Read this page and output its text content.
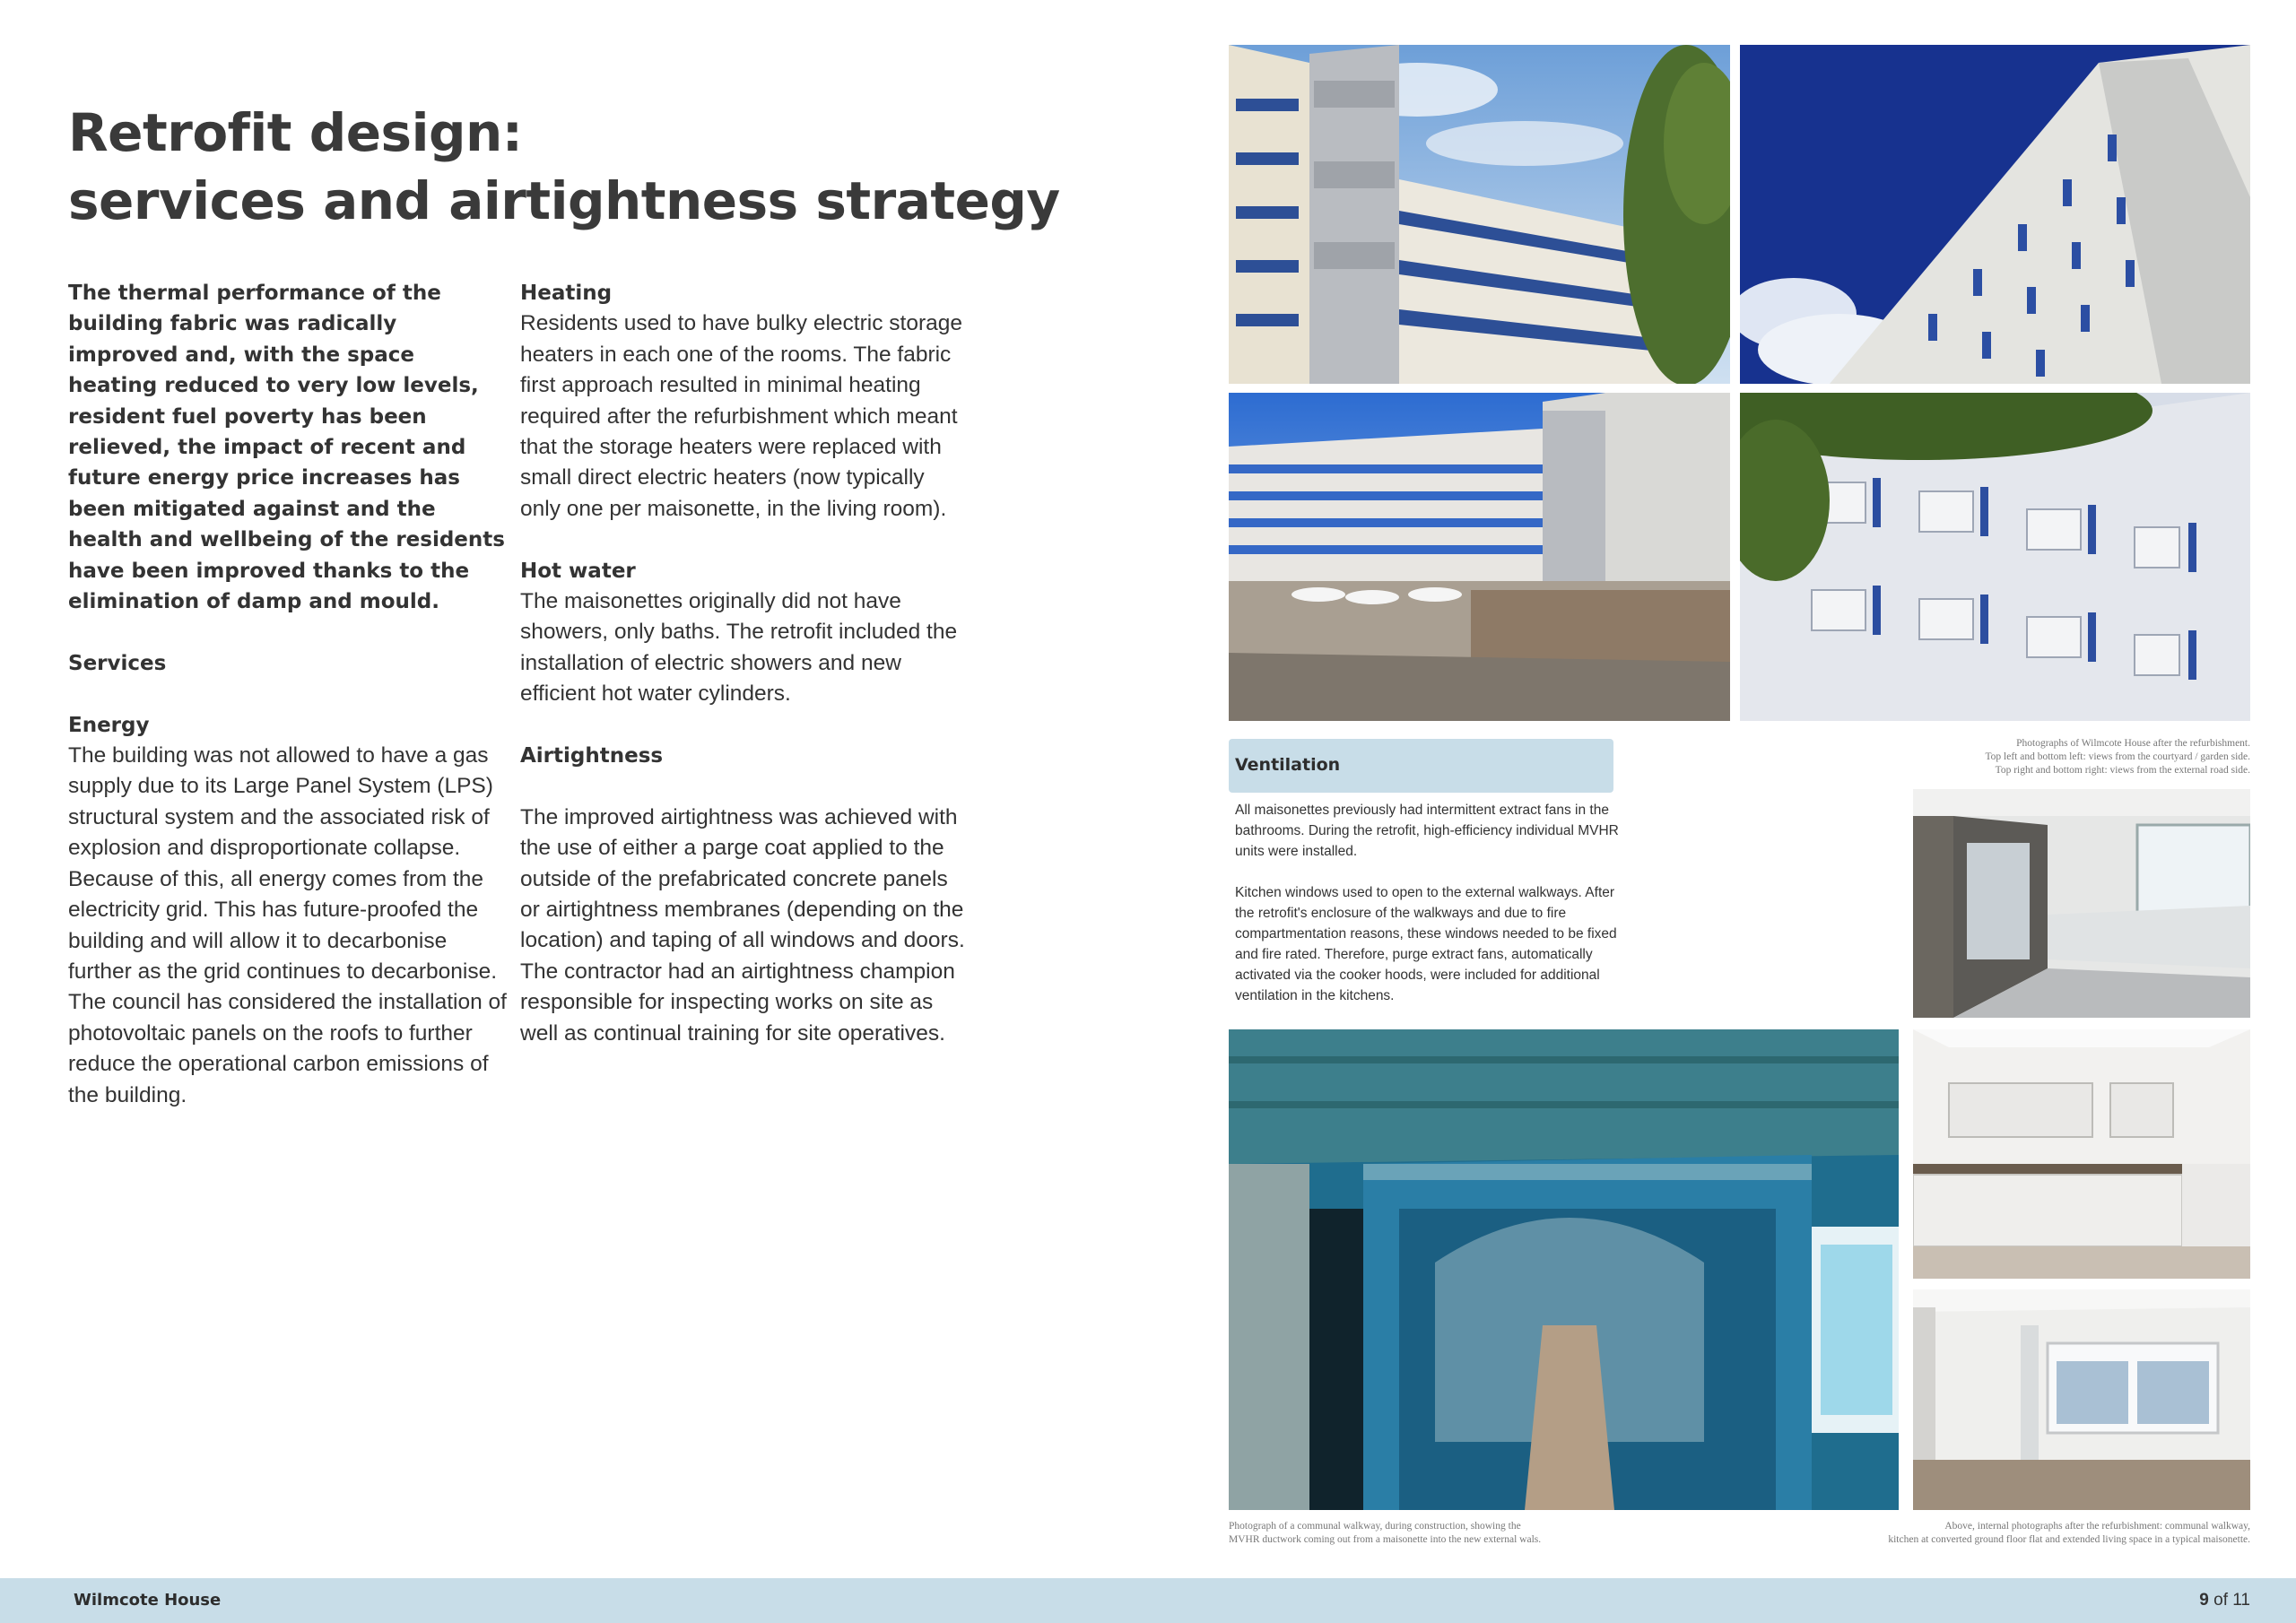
Retrofit design:
services and airtightness strategy

The thermal performance of the building fabric was radically improved and, with the space heating reduced to very low levels, resident fuel poverty has been relieved, the impact of recent and future energy price increases has been mitigated against and the health and wellbeing of the residents have been improved thanks to the elimination of damp and mould.

Services

Energy

The building was not allowed to have a gas supply due to its Large Panel System (LPS) structural system and the associated risk of explosion and disproportionate collapse. Because of this, all energy comes from the electricity grid. This has future-proofed the building and will allow it to decarbonise further as the grid continues to decarbonise. The council has considered the installation of photovoltaic panels on the roofs to further reduce the operational carbon emissions of the building.

Heating

Residents used to have bulky electric storage heaters in each one of the rooms. The fabric first approach resulted in minimal heating required after the refurbishment which meant that the storage heaters were replaced with small direct electric heaters (now typically only one per maisonette, in the living room).

Hot water

The maisonettes originally did not have showers, only baths. The retrofit included the installation of electric showers and new efficient hot water cylinders.

Airtightness

The improved airtightness was achieved with the use of either a parge coat applied to the outside of the prefabricated concrete panels or airtightness membranes (depending on the location) and taping of all windows and doors. The contractor had an airtightness champion responsible for inspecting works on site as well as continual training for site operatives.

Photographs of Wilmcote House after the refurbishment.
Top left and bottom left: views from the courtyard / garden side.
Top right and bottom right: views from the external road side.
Ventilation

All maisonettes previously had intermittent extract fans in the bathrooms. During the retrofit, high-efficiency individual MVHR units were installed.

Kitchen windows used to open to the external walkways. After the retrofit's enclosure of the walkways and due to fire compartmentation reasons, these windows needed to be fixed and fire rated. Therefore, purge extract fans, automatically activated via the cooker hoods, were included for additional ventilation in the kitchens.

Photograph of a communal walkway, during construction, showing the
MVHR ductwork coming out from a maisonette into the new external wals.
Above, internal photographs after the refurbishment: communal walkway,
kitchen at converted ground floor flat and extended living space in a typical maisonette.
Wilmcote House	9 of 11
